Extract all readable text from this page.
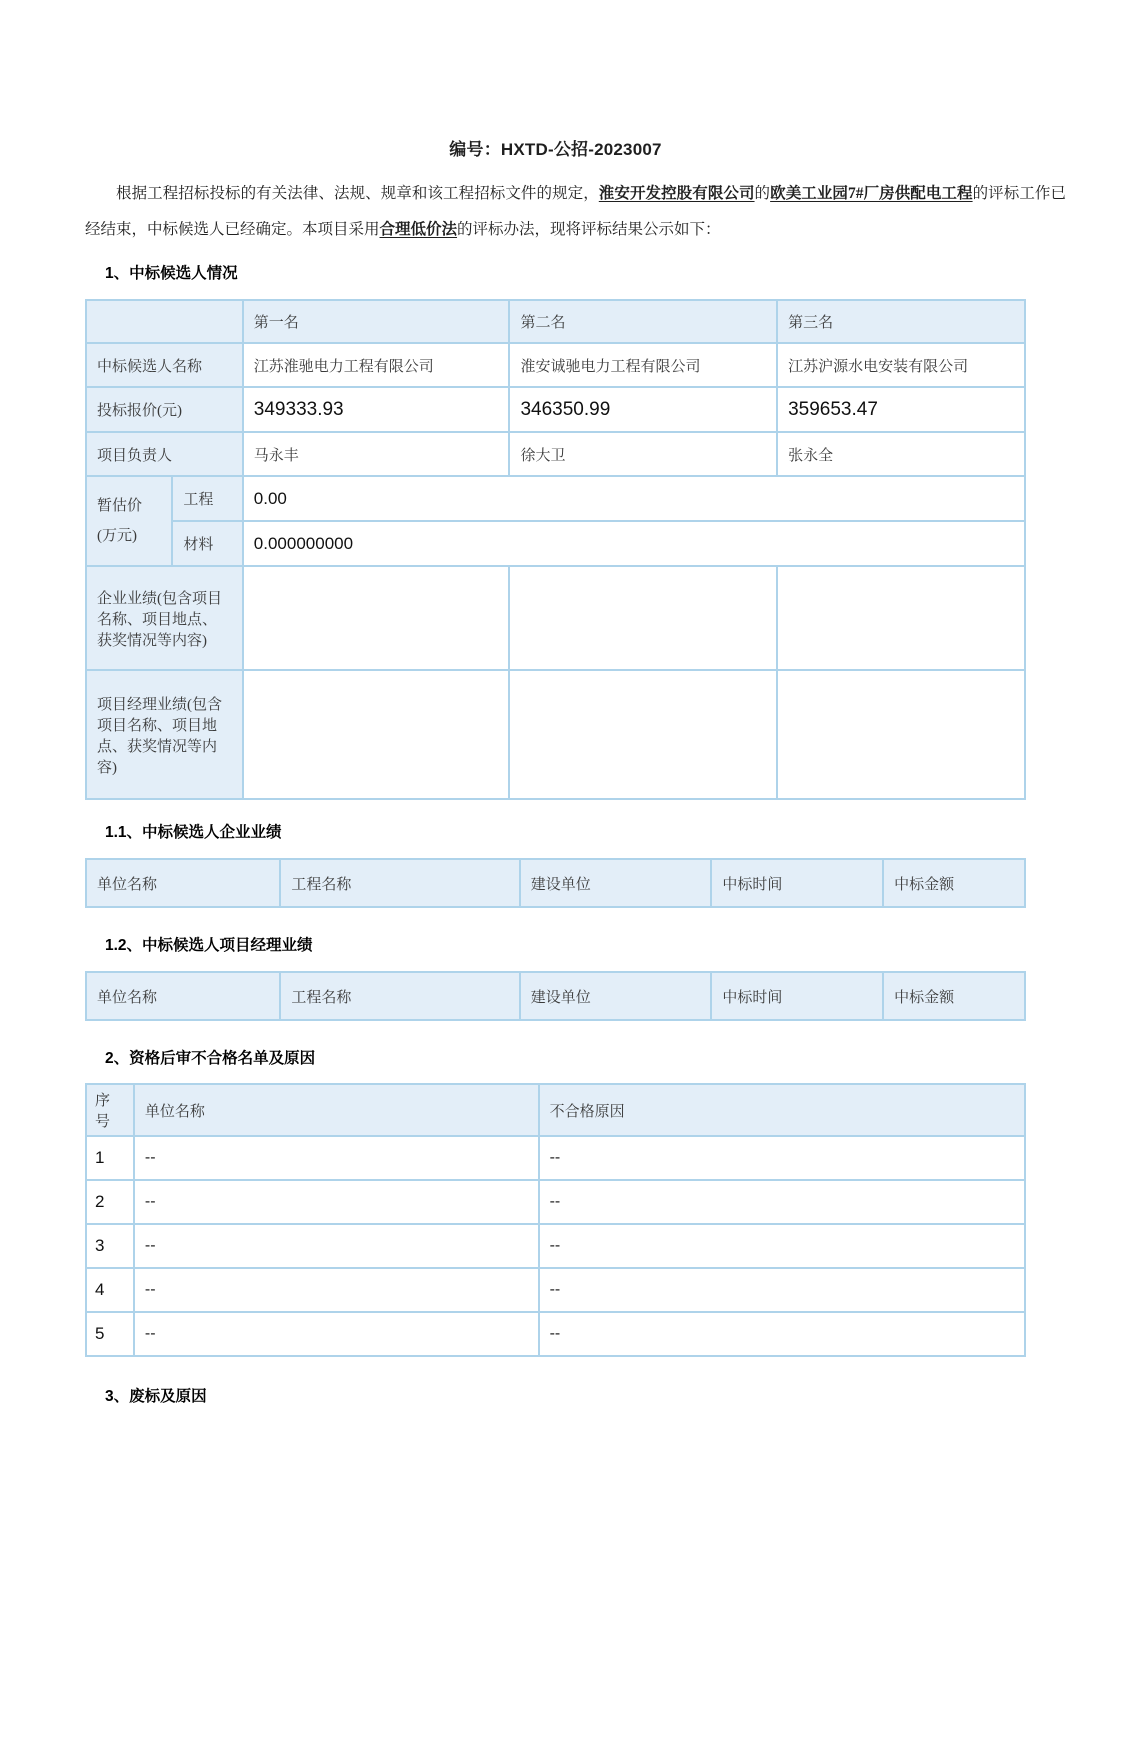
编号：HXTD-公招-2023007

根据工程招标投标的有关法律、法规、规章和该工程招标文件的规定，淮安开发控股有限公司的欧美工业园7#厂房供配电工程的评标工作已经结束，中标候选人已经确定。本项目采用合理低价法的评标办法，现将评标结果公示如下：

1、中标候选人情况
		第一名	第二名	第三名
中标候选人名称		江苏淮驰电力工程有限公司	淮安诚驰电力工程有限公司	江苏沪源水电安装有限公司
投标报价(元)		349333.93	346350.99	359653.47
项目负责人		马永丰	徐大卫	张永全
暂估价(万元)	工程	0.00		
	材料	0.000000000		
企业业绩(包含项目名称、项目地点、获奖情况等内容)				
项目经理业绩(包含项目名称、项目地点、获奖情况等内容)				
1.1、中标候选人企业业绩
单位名称	工程名称	建设单位	中标时间	中标金额
1.2、中标候选人项目经理业绩
单位名称	工程名称	建设单位	中标时间	中标金额
2、资格后审不合格名单及原因
序号	单位名称	不合格原因
1	--	--
2	--	--
3	--	--
4	--	--
5	--	--
3、废标及原因
